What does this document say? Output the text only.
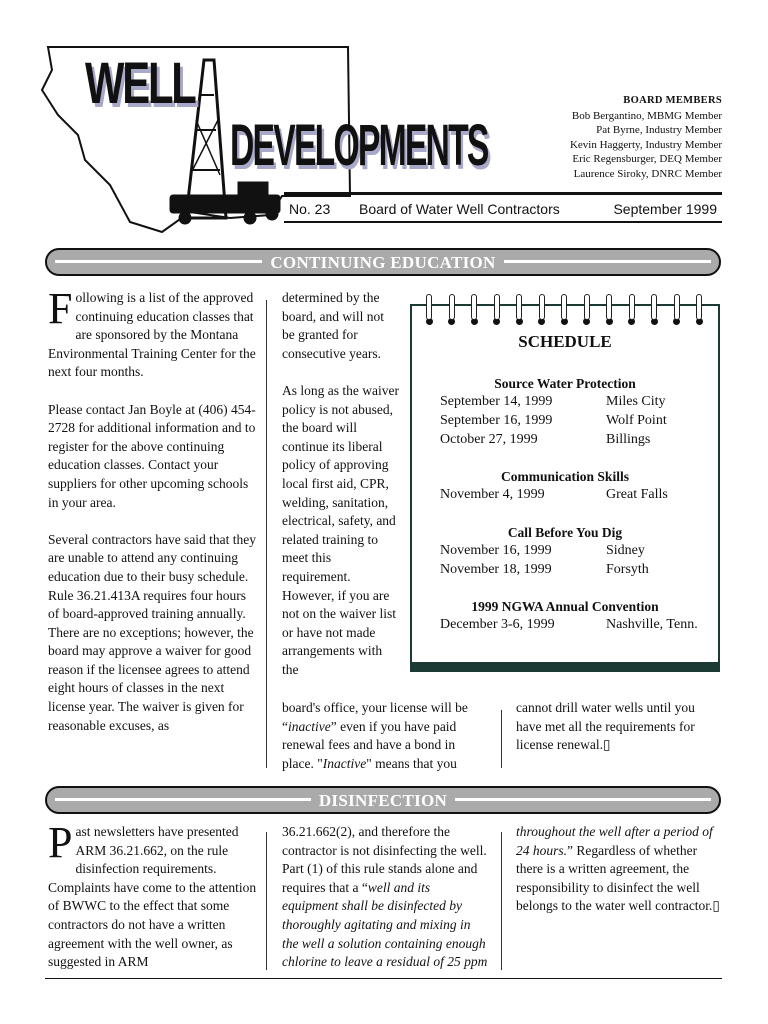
WELL
DEVELOPMENTS
BOARD MEMBERS
Bob Bergantino, MBMG Member
Pat Byrne, Industry Member
Kevin Haggerty, Industry Member
Eric Regensburger, DEQ Member
Laurence Siroky, DNRC Member
No. 23 Board of Water Well Contractors	September 1999
CONTINUING EDUCATION

Following is a list of the approved continuing education classes that are sponsored by the Montana Environmental Training Center for the next four months.

Please contact Jan Boyle at (406) 454-2728 for additional information and to register for the above continuing education classes. Contact your suppliers for other upcoming schools in your area.

Several contractors have said that they are unable to attend any continuing education due to their busy schedule. Rule 36.21.413A requires four hours of board-approved training annually. There are no exceptions; however, the board may approve a waiver for good reason if the licensee agrees to attend eight hours of classes in the next license year. The waiver is given for reasonable excuses, as

determined by the board, and will not be granted for consecutive years.

As long as the waiver policy is not abused, the board will continue its liberal policy of approving local first aid, CPR, welding, sanitation, electrical, safety, and related training to meet this requirement. However, if you are not on the waiver list or have not made arrangements with the

board's office, your license will be “inactive” even if you have paid renewal fees and have a bond in place. "Inactive" means that you

cannot drill water wells until you have met all the requirements for license renewal.▯

SCHEDULE
Source Water Protection
September 14, 1999	Miles City
September 16, 1999	Wolf Point
October 27, 1999	Billings
Communication Skills
November 4, 1999	Great Falls
Call Before You Dig
November 16, 1999	Sidney
November 18, 1999	Forsyth
1999 NGWA Annual Convention
December 3-6, 1999	Nashville, Tenn.
DISINFECTION

Past newsletters have presented ARM 36.21.662, on the rule disinfection requirements. Complaints have come to the attention of BWWC to the effect that some contractors do not have a written agreement with the well owner, as suggested in ARM

36.21.662(2), and therefore the contractor is not disinfecting the well. Part (1) of this rule stands alone and requires that a “well and its equipment shall be disinfected by thoroughly agitating and mixing in the well a solution containing enough chlorine to leave a residual of 25 ppm

throughout the well after a period of 24 hours.” Regardless of whether there is a written agreement, the responsibility to disinfect the well belongs to the water well contractor.▯
